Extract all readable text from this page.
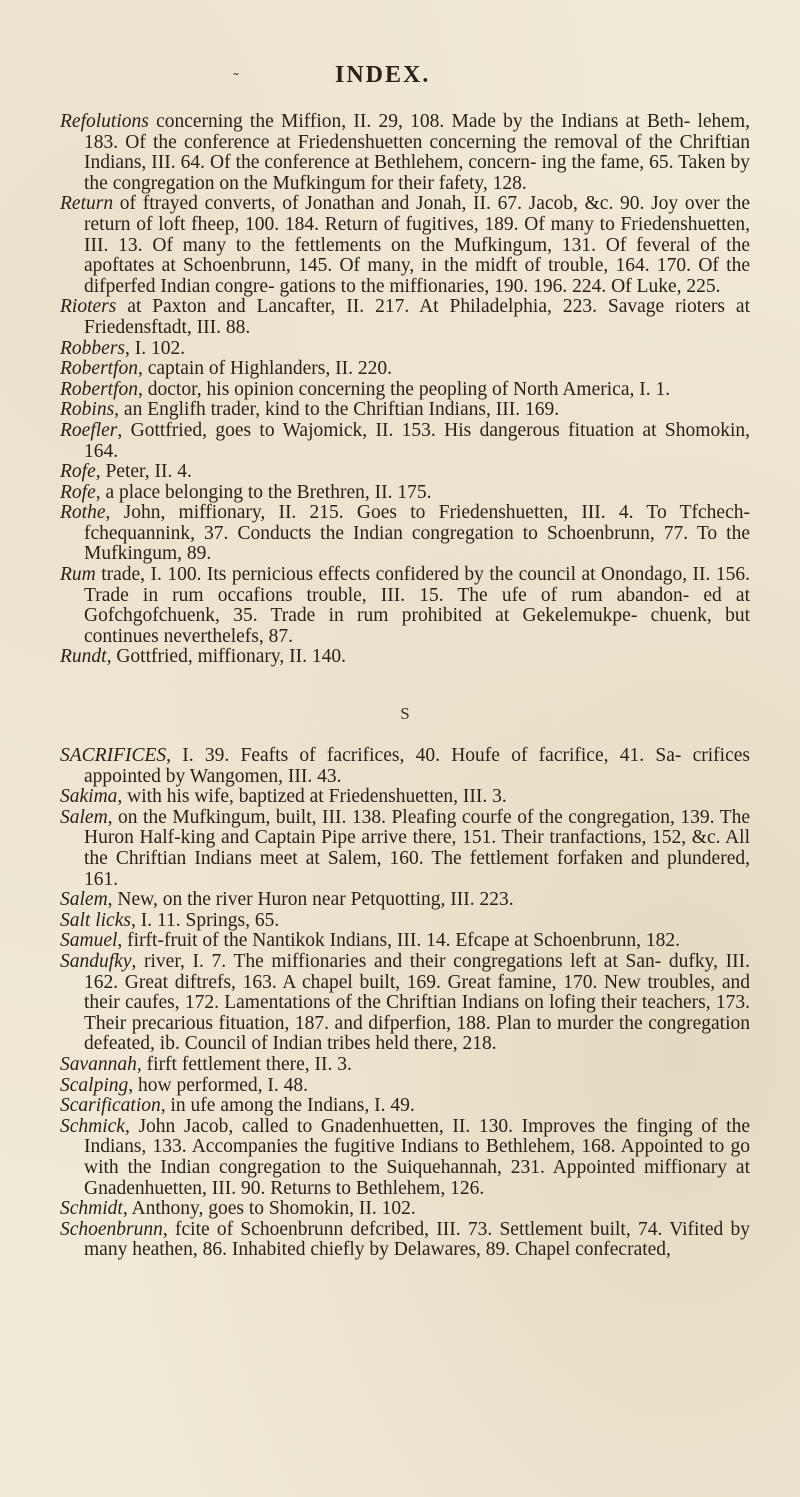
˜	INDEX.

Refolutions concerning the Miffion, II. 29, 108. Made by the Indians at Beth- lehem, 183. Of the conference at Friedenshuetten concerning the removal of the Chriftian Indians, III. 64. Of the conference at Bethlehem, concern- ing the fame, 65. Taken by the congregation on the Mufkingum for their fafety, 128.

Return of ftrayed converts, of Jonathan and Jonah, II. 67. Jacob, &c. 90. Joy over the return of loft fheep, 100. 184. Return of fugitives, 189. Of many to Friedenshuetten, III. 13. Of many to the fettlements on the Mufkingum, 131. Of feveral of the apoftates at Schoenbrunn, 145. Of many, in the midft of trouble, 164. 170. Of the difperfed Indian congre- gations to the miffionaries, 190. 196. 224. Of Luke, 225.

Rioters at Paxton and Lancafter, II. 217. At Philadelphia, 223. Savage rioters at Friedensftadt, III. 88.

Robbers, I. 102.

Robertfon, captain of Highlanders, II. 220.

Robertfon, doctor, his opinion concerning the peopling of North America, I. 1.

Robins, an Englifh trader, kind to the Chriftian Indians, III. 169.

Roefler, Gottfried, goes to Wajomick, II. 153. His dangerous fituation at Shomokin, 164.

Rofe, Peter, II. 4.

Rofe, a place belonging to the Brethren, II. 175.

Rothe, John, miffionary, II. 215. Goes to Friedenshuetten, III. 4. To Tfchech- fchequannink, 37. Conducts the Indian congregation to Schoenbrunn, 77. To the Mufkingum, 89.

Rum trade, I. 100. Its pernicious effects confidered by the council at Onondago, II. 156. Trade in rum occafions trouble, III. 15. The ufe of rum abandon- ed at Gofchgofchuenk, 35. Trade in rum prohibited at Gekelemukpe- chuenk, but continues neverthelefs, 87.

Rundt, Gottfried, miffionary, II. 140.

S

SACRIFICES, I. 39. Feafts of facrifices, 40. Houfe of facrifice, 41. Sa- crifices appointed by Wangomen, III. 43.

Sakima, with his wife, baptized at Friedenshuetten, III. 3.

Salem, on the Mufkingum, built, III. 138. Pleafing courfe of the congregation, 139. The Huron Half-king and Captain Pipe arrive there, 151. Their tranfactions, 152, &c. All the Chriftian Indians meet at Salem, 160. The fettlement forfaken and plundered, 161.

Salem, New, on the river Huron near Petquotting, III. 223.

Salt licks, I. 11. Springs, 65.

Samuel, firft-fruit of the Nantikok Indians, III. 14. Efcape at Schoenbrunn, 182.

Sandufky, river, I. 7. The miffionaries and their congregations left at San- dufky, III. 162. Great diftrefs, 163. A chapel built, 169. Great famine, 170. New troubles, and their caufes, 172. Lamentations of the Chriftian Indians on lofing their teachers, 173. Their precarious fituation, 187. and difperfion, 188. Plan to murder the congregation defeated, ib. Council of Indian tribes held there, 218.

Savannah, firft fettlement there, II. 3.

Scalping, how performed, I. 48.

Scarification, in ufe among the Indians, I. 49.

Schmick, John Jacob, called to Gnadenhuetten, II. 130. Improves the finging of the Indians, 133. Accompanies the fugitive Indians to Bethlehem, 168. Appointed to go with the Indian congregation to the Suiquehannah, 231. Appointed miffionary at Gnadenhuetten, III. 90. Returns to Bethlehem, 126.

Schmidt, Anthony, goes to Shomokin, II. 102.

Schoenbrunn, fcite of Schoenbrunn defcribed, III. 73. Settlement built, 74. Vifited by many heathen, 86. Inhabited chiefly by Delawares, 89. Chapel confecrated,
